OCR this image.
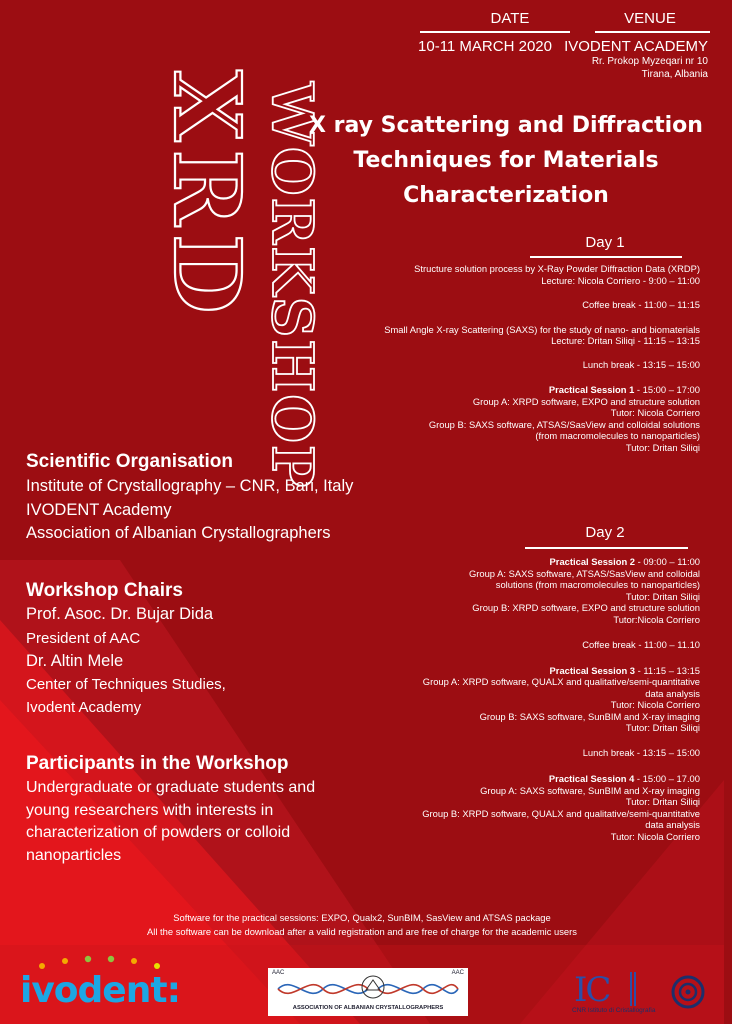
XRD
WORKSHOP
DATE
10-11 MARCH 2020
VENUE
IVODENT ACADEMY
Rr. Prokop Myzeqari nr 10
Tirana, Albania
X ray Scattering and Diffraction
Techniques for Materials
Characterization
Day 1

Structure solution process by X-Ray Powder Diffraction Data (XRDP)

Lecture: Nicola Corriero - 9:00 – 11:00

Coffee break - 11:00 – 11:15

Small Angle X-ray Scattering (SAXS) for the study of nano- and biomaterials

Lecture: Dritan Siliqi - 11:15 – 13:15

Lunch break - 13:15 – 15:00

Practical Session 1 - 15:00 – 17:00

Group A: XRPD software, EXPO and structure solution

Tutor: Nicola Corriero

Group B: SAXS software, ATSAS/SasView and colloidal solutions

(from macromolecules to nanoparticles)

Tutor: Dritan Siliqi

Day 2

Practical Session 2 - 09:00 – 11:00

Group A: SAXS software, ATSAS/SasView and colloidal

solutions (from macromolecules to nanoparticles)

Tutor: Dritan Siliqi

Group B: XRPD software, EXPO and structure solution

Tutor:Nicola Corriero

Coffee break - 11:00 – 11.10

Practical Session 3 - 11:15 – 13:15

Group A: XRPD software, QUALX and qualitative/semi-quantitative

data analysis

Tutor: Nicola Corriero

Group B: SAXS software, SunBIM and X-ray imaging

Tutor: Dritan Siliqi

Lunch break - 13:15 – 15:00

Practical Session 4 - 15:00 – 17.00

Group A: SAXS software, SunBIM and X-ray imaging

Tutor: Dritan Siliqi

Group B: XRPD software, QUALX and qualitative/semi-quantitative

data analysis

Tutor: Nicola Corriero

Scientific Organisation
Institute of Crystallography – CNR, Bari, Italy
IVODENT Academy
Association of Albanian Crystallographers
Workshop Chairs
Prof. Asoc. Dr. Bujar Dida
President of AAC
Dr. Altin Mele
Center of Techniques Studies,
Ivodent Academy
Participants in the Workshop
Undergraduate or graduate students and
young researchers with interests in
characterization of powders or colloid
nanoparticles
Software for the practical sessions: EXPO, Qualx2, SunBIM, SasView and ATSAS package
All the software can be download after a valid registration and are free of charge for the academic users
ivodent:	AAC	AAC
ASSOCIATION OF ALBANIAN CRYSTALLOGRAPHERS	IC
CNR Istituto di Cristallografia
